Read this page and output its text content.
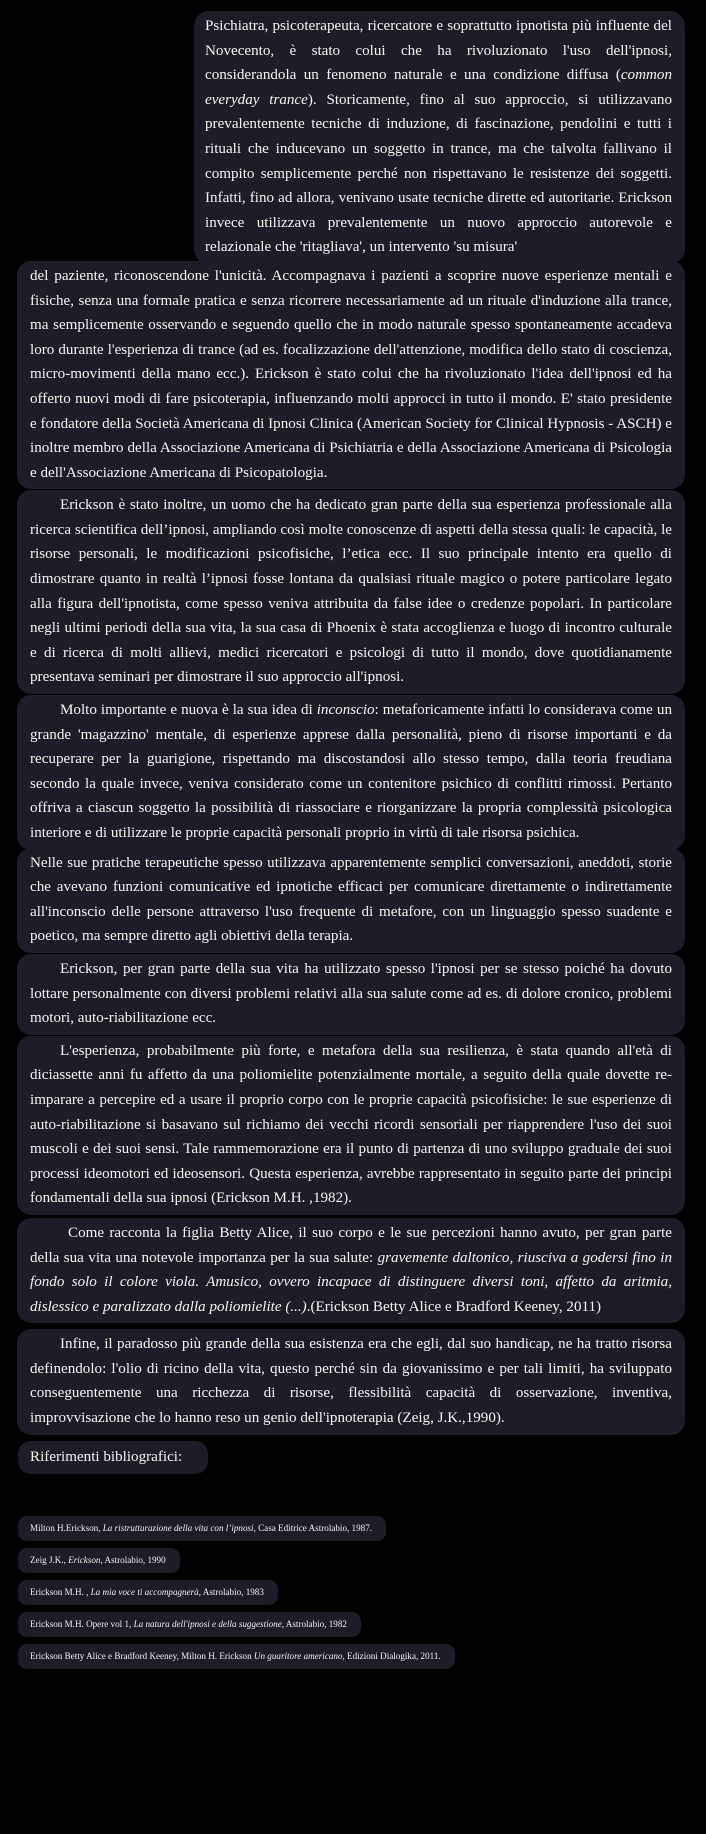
Psichiatra, psicoterapeuta, ricercatore e soprattutto ipnotista più influente del Novecento, è stato colui che ha rivoluzionato l'uso dell'ipnosi, considerandola un fenomeno naturale e una condizione diffusa (common everyday trance). Storicamente, fino al suo approccio, si utilizzavano prevalentemente tecniche di induzione, di fascinazione, pendolini e tutti i rituali che inducevano un soggetto in trance, ma che talvolta fallivano il compito semplicemente perché non rispettavano le resistenze dei soggetti. Infatti, fino ad allora, venivano usate tecniche dirette ed autoritarie. Erickson invece utilizzava prevalentemente un nuovo approccio autorevole e relazionale che 'ritagliava', un intervento 'su misura'

del paziente, riconoscendone l'unicità. Accompagnava i pazienti a scoprire nuove esperienze mentali e fisiche, senza una formale pratica e senza ricorrere necessariamente ad un rituale d'induzione alla trance, ma semplicemente osservando e seguendo quello che in modo naturale spesso spontaneamente accadeva loro durante l'esperienza di trance (ad es. focalizzazione dell'attenzione, modifica dello stato di coscienza, micro-movimenti della mano ecc.). Erickson è stato colui che ha rivoluzionato l'idea dell'ipnosi ed ha offerto nuovi modi di fare psicoterapia, influenzando molti approcci in tutto il mondo. E' stato presidente e fondatore della Società Americana di Ipnosi Clinica (American Society for Clinical Hypnosis - ASCH) e inoltre membro della Associazione Americana di Psichiatria e della Associazione Americana di Psicologia e dell'Associazione Americana di Psicopatologia.

Erickson è stato inoltre, un uomo che ha dedicato gran parte della sua esperienza professionale alla ricerca scientifica dell’ipnosi, ampliando così molte conoscenze di aspetti della stessa quali: le capacità, le risorse personali, le modificazioni psicofisiche, l’etica ecc. Il suo principale intento era quello di dimostrare quanto in realtà l’ipnosi fosse lontana da qualsiasi rituale magico o potere particolare legato alla figura dell'ipnotista, come spesso veniva attribuita da false idee o credenze popolari. In particolare negli ultimi periodi della sua vita, la sua casa di Phoenix è stata accoglienza e luogo di incontro culturale e di ricerca di molti allievi, medici ricercatori e psicologi di tutto il mondo, dove quotidianamente presentava seminari per dimostrare il suo approccio all'ipnosi.

Molto importante e nuova è la sua idea di inconscio: metaforicamente infatti lo considerava come un grande 'magazzino' mentale, di esperienze apprese dalla personalità, pieno di risorse importanti e da recuperare per la guarigione, rispettando ma discostandosi allo stesso tempo, dalla teoria freudiana secondo la quale invece, veniva considerato come un contenitore psichico di conflitti rimossi. Pertanto offriva a ciascun soggetto la possibilità di riassociare e riorganizzare la propria complessità psicologica interiore e di utilizzare le proprie capacità personali proprio in virtù di tale risorsa psichica.

Nelle sue pratiche terapeutiche spesso utilizzava apparentemente semplici conversazioni, aneddoti, storie che avevano funzioni comunicative ed ipnotiche efficaci per comunicare direttamente o indirettamente all'inconscio delle persone attraverso l'uso frequente di metafore, con un linguaggio spesso suadente e poetico, ma sempre diretto agli obiettivi della terapia.

Erickson, per gran parte della sua vita ha utilizzato spesso l'ipnosi per se stesso poiché ha dovuto lottare personalmente con diversi problemi relativi alla sua salute come ad es. di dolore cronico, problemi motori, auto-riabilitazione ecc.

L'esperienza, probabilmente più forte, e metafora della sua resilienza, è stata quando all'età di diciassette anni fu affetto da una poliomielite potenzialmente mortale, a seguito della quale dovette re-imparare a percepire ed a usare il proprio corpo con le proprie capacità psicofisiche: le sue esperienze di auto-riabilitazione si basavano sul richiamo dei vecchi ricordi sensoriali per riapprendere l'uso dei suoi muscoli e dei suoi sensi. Tale rammemorazione era il punto di partenza di uno sviluppo graduale dei suoi processi ideomotori ed ideosensori. Questa esperienza, avrebbe rappresentato in seguito parte dei principi fondamentali della sua ipnosi (Erickson M.H. ,1982).

Come racconta la figlia Betty Alice, il suo corpo e le sue percezioni hanno avuto, per gran parte della sua vita una notevole importanza per la sua salute: gravemente daltonico, riusciva a godersi fino in fondo solo il colore viola. Amusico, ovvero incapace di distinguere diversi toni, affetto da aritmia, dislessico e paralizzato dalla poliomielite (...).(Erickson Betty Alice e Bradford Keeney, 2011)

Infine, il paradosso più grande della sua esistenza era che egli, dal suo handicap, ne ha tratto risorsa definendolo: l'olio di ricino della vita, questo perché sin da giovanissimo e per tali limiti, ha sviluppato conseguentemente una ricchezza di risorse, flessibilità capacità di osservazione, inventiva, improvvisazione che lo hanno reso un genio dell'ipnoterapia (Zeig, J.K.,1990).

Riferimenti bibliografici:
Milton H.Erickson, La ristrutturazione della vita con l’ipnosi, Casa Editrice Astrolabio, 1987.
Zeig J.K., Erickson, Astrolabio, 1990
Erickson M.H. , La mia voce ti accompagnerà, Astrolabio, 1983
Erickson M.H. Opere vol 1, La natura dell'ipnosi e della suggestione, Astrolabio, 1982
Erickson Betty Alice e Bradford Keeney, Milton H. Erickson Un guaritore americano, Edizioni Dialogika, 2011.
